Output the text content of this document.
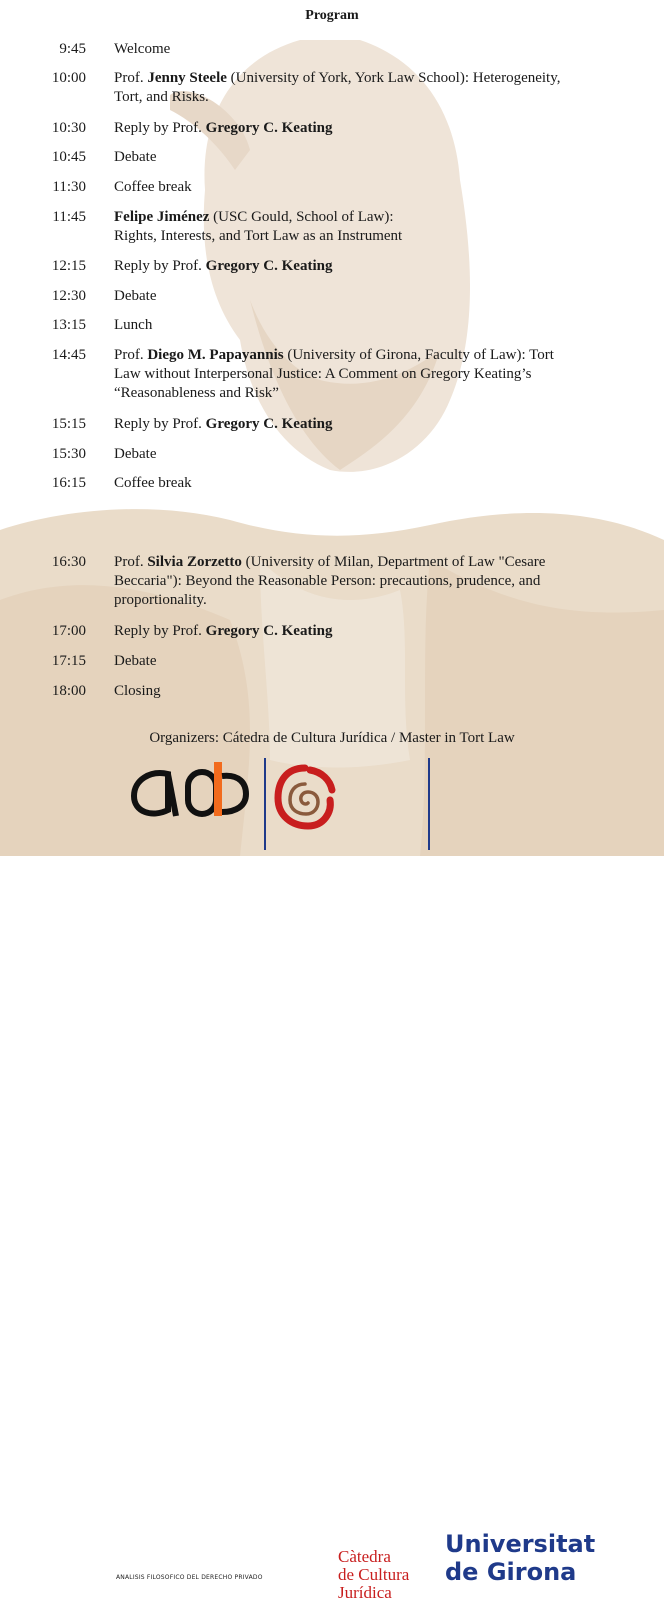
Program
9:45 Welcome
10:00 Prof. Jenny Steele (University of York, York Law School): Heterogeneity, Tort, and Risks.
10:30 Reply by Prof. Gregory C. Keating
10:45 Debate
11:30 Coffee break
11:45 Felipe Jiménez (USC Gould, School of Law):
Rights, Interests, and Tort Law as an Instrument
12:15 Reply by Prof. Gregory C. Keating
12:30 Debate
13:15 Lunch
14:45 Prof. Diego M. Papayannis (University of Girona, Faculty of Law): Tort Law without Interpersonal Justice: A Comment on Gregory Keating’s “Reasonableness and Risk”
15:15 Reply by Prof. Gregory C. Keating
15:30 Debate
16:15 Coffee break
16:30 Prof. Silvia Zorzetto (University of Milan, Department of Law "Cesare Beccaria"): Beyond the Reasonable Person: precautions, prudence, and proportionality.
17:00 Reply by Prof. Gregory C. Keating
17:15 Debate
18:00 Closing
Organizers: Cátedra de Cultura Jurídica / Master in Tort Law
ANALISIS FILOSOFICO DEL DERECHO PRIVADO
Càtedra
de Cultura
Jurídica
Universitat
de Girona
